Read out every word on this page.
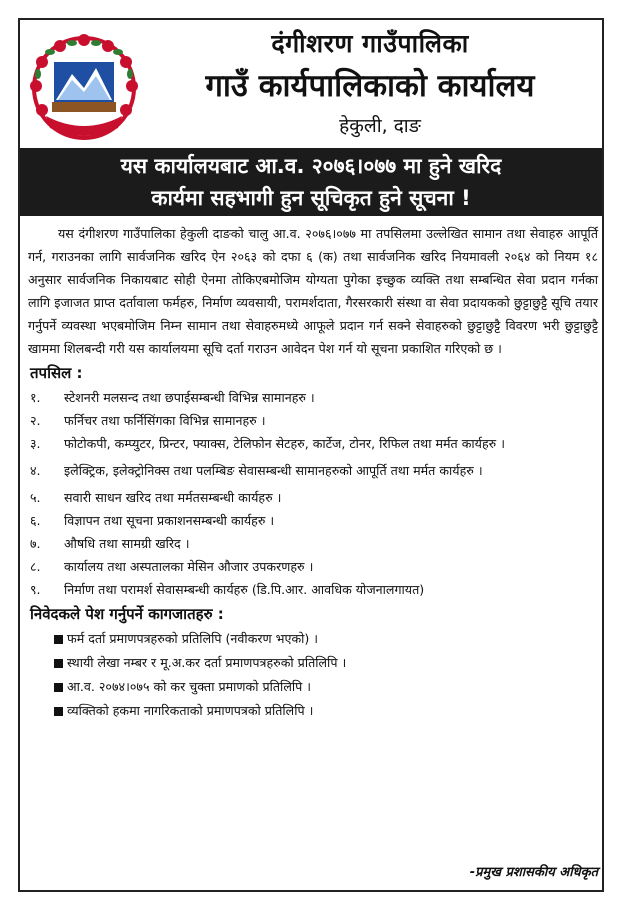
दंगीशरण गाउँपालिका
गाउँ कार्यपालिकाको कार्यालय
हेकुली, दाङ
यस कार्यालयबाट आ.व. २०७६।०७७ मा हुने खरिद
कार्यमा सहभागी हुन सूचिकृत हुने सूचना !

यस दंगीशरण गाउँपालिका हेकुली दाङको चालु आ.व. २०७६।०७७ मा तपसिलमा उल्लेखित सामान तथा सेवाहरु आपूर्ति गर्न, गराउनका लागि सार्वजनिक खरिद ऐन २०६३ को दफा ६ (क) तथा सार्वजनिक खरिद नियमावली २०६४ को नियम १८ अनुसार सार्वजनिक निकायबाट सोही ऐनमा तोकिएबमोजिम योग्यता पुगेका इच्छुक व्यक्ति तथा सम्बन्धित सेवा प्रदान गर्नका लागि इजाजत प्राप्त दर्तावाला फर्महरु, निर्माण व्यवसायी, परामर्शदाता, गैरसरकारी संस्था वा सेवा प्रदायकको छुट्टाछुट्टै सूचि तयार गर्नुपर्ने व्यवस्था भएबमोजिम निम्न सामान तथा सेवाहरुमध्ये आफूले प्रदान गर्न सक्ने सेवाहरुको छुट्टाछुट्टै विवरण भरी छुट्टाछुट्टै खाममा शिलबन्दी गरी यस कार्यालयमा सूचि दर्ता गराउन आवेदन पेश गर्न यो सूचना प्रकाशित गरिएको छ ।

तपसिल :
१.	स्टेशनरी मलसन्द तथा छपाईसम्बन्धी विभिन्न सामानहरु ।
२.	फर्निचर तथा फर्निसिंगका विभिन्न सामानहरु ।
३.	फोटोकपी, कम्प्युटर, प्रिन्टर, फ्याक्स, टेलिफोन सेटहरु, कार्टेज, टोनर, रिफिल तथा मर्मत कार्यहरु ।
४.	इलेक्ट्रिक, इलेक्ट्रोनिक्स तथा पलम्बिङ सेवासम्बन्धी सामानहरुको आपूर्ति तथा मर्मत कार्यहरु ।
५.	सवारी साधन खरिद तथा मर्मतसम्बन्धी कार्यहरु ।
६.	विज्ञापन तथा सूचना प्रकाशनसम्बन्धी कार्यहरु ।
७.	औषधि तथा सामग्री खरिद ।
८.	कार्यालय तथा अस्पतालका मेसिन औजार उपकरणहरु ।
९.	निर्माण तथा परामर्श सेवासम्बन्धी कार्यहरु (डि.पि.आर. आवधिक योजनालगायत)
निवेदकले पेश गर्नुपर्ने कागजातहरु :
फर्म दर्ता प्रमाणपत्रहरुको प्रतिलिपि (नवीकरण भएको) ।
स्थायी लेखा नम्बर र मू.अ.कर दर्ता प्रमाणपत्रहरुको प्रतिलिपि ।
आ.व. २०७४।०७५ को कर चुक्ता प्रमाणको प्रतिलिपि ।
व्यक्तिको हकमा नागरिकताको प्रमाणपत्रको प्रतिलिपि ।
-प्रमुख प्रशासकीय अधिकृत
